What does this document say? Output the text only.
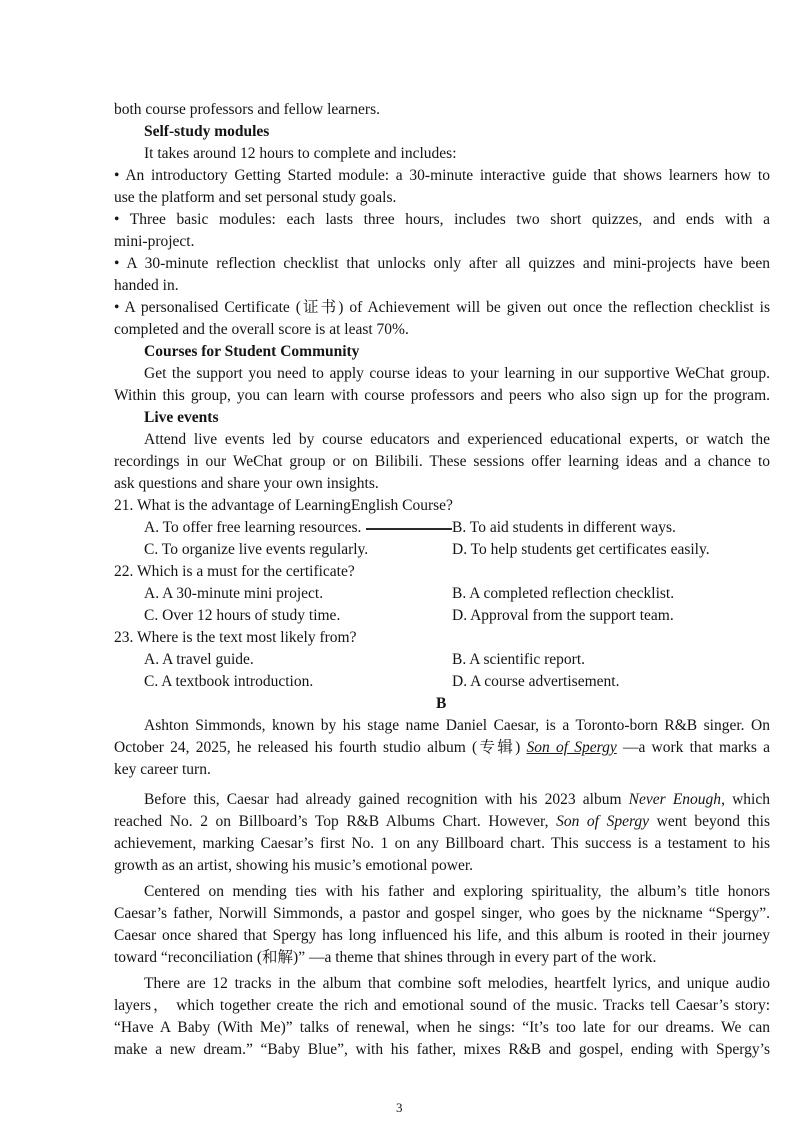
both course professors and fellow learners.
Self-study modules
It takes around 12 hours to complete and includes:
• An introductory Getting Started module: a 30-minute interactive guide that shows learners how to
use the platform and set personal study goals.
• Three basic modules: each lasts three hours, includes two short quizzes, and ends with a
mini-project.
• A 30-minute reflection checklist that unlocks only after all quizzes and mini-projects have been
handed in.
• A personalised Certificate (证书) of Achievement will be given out once the reflection checklist is
completed and the overall score is at least 70%.
Courses for Student Community
Get the support you need to apply course ideas to your learning in our supportive WeChat group.
Within this group, you can learn with course professors and peers who also sign up for the program.
Live events
Attend live events led by course educators and experienced educational experts, or watch the
recordings in our WeChat group or on Bilibili. These sessions offer learning ideas and a chance to
ask questions and share your own insights.
21. What is the advantage of LearningEnglish Course?
A. To offer free learning resources.	B. To aid students in different ways.
C. To organize live events regularly.	D. To help students get certificates easily.
22. Which is a must for the certificate?
A. A 30-minute mini project.	B. A completed reflection checklist.
C. Over 12 hours of study time.	D. Approval from the support team.
23. Where is the text most likely from?
A. A travel guide.	B. A scientific report.
C. A textbook introduction.	D. A course advertisement.
B
Ashton Simmonds, known by his stage name Daniel Caesar, is a Toronto-born R&B singer. On
October 24, 2025, he released his fourth studio album (专辑) Son of Spergy —a work that marks a
key career turn.
Before this, Caesar had already gained recognition with his 2023 album Never Enough, which
reached No. 2 on Billboard’s Top R&B Albums Chart. However, Son of Spergy went beyond this
achievement, marking Caesar’s first No. 1 on any Billboard chart. This success is a testament to his
growth as an artist, showing his music’s emotional power.
Centered on mending ties with his father and exploring spirituality, the album’s title honors
Caesar’s father, Norwill Simmonds, a pastor and gospel singer, who goes by the nickname “Spergy”.
Caesar once shared that Spergy has long influenced his life, and this album is rooted in their journey
toward “reconciliation (和解)” —a theme that shines through in every part of the work.
There are 12 tracks in the album that combine soft melodies, heartfelt lyrics, and unique audio
layers， which together create the rich and emotional sound of the music. Tracks tell Caesar’s story:
“Have A Baby (With Me)” talks of renewal, when he sings: “It’s too late for our dreams. We can
make a new dream.” “Baby Blue”, with his father, mixes R&B and gospel, ending with Spergy’s
3
